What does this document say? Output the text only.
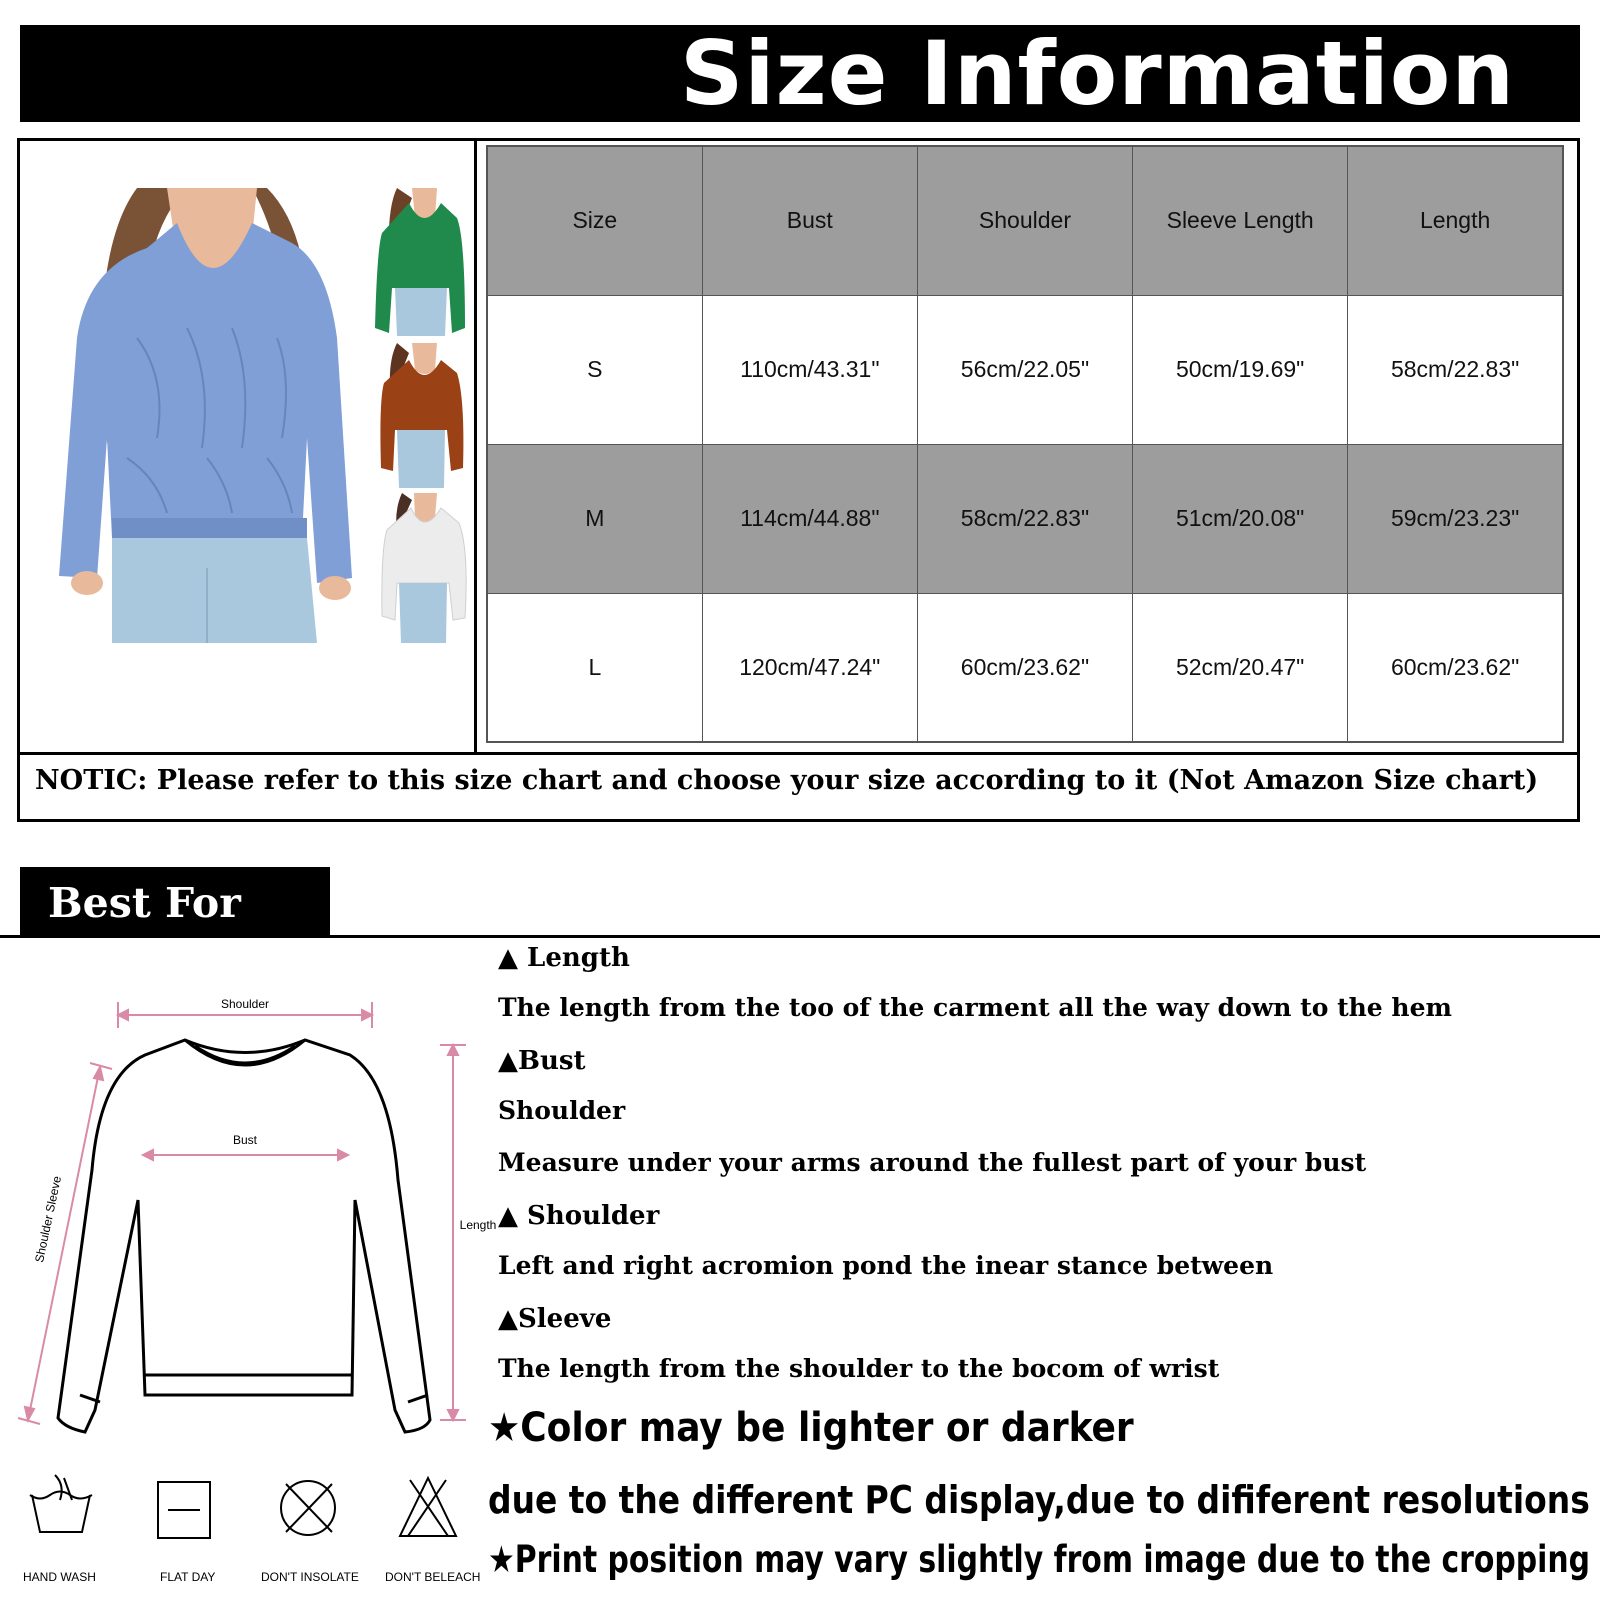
Size Information
Size	Bust	Shoulder	Sleeve Length	Length
S	110cm/43.31"	56cm/22.05"	50cm/19.69"	58cm/22.83"
M	114cm/44.88"	58cm/22.83"	51cm/20.08"	59cm/23.23"
L	120cm/47.24"	60cm/23.62"	52cm/20.47"	60cm/23.62"
NOTIC: Please refer to this size chart and choose your size according to it (Not Amazon Size chart)
Best For You
Shoulder
Bust
Shoulder Sleeve	Length
▲ Length
The length from the too of the carment all the way down to the hem
▲Bust
Shoulder
Measure under your arms around the fullest part of your bust
▲ Shoulder
Left and right acromion pond the inear stance between
▲Sleeve
The length from the shoulder to the bocom of wrist
★Color may be lighter or darker
due to the different PC display,due to dififerent resolutions
★Print position may vary slightly from image due to the cropping
HAND WASH	FLAT DAY	DON'T INSOLATE DON'T BELEACH
